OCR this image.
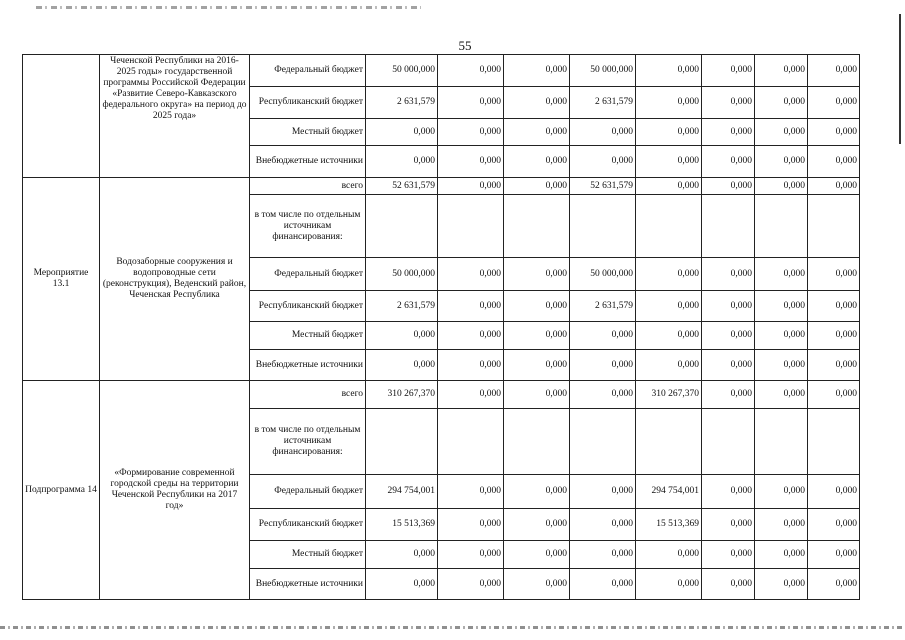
55
	Чеченской Республики на 2016-2025 годы» государственной программы Российской Федерации «Развитие Северо-Кавказского федерального округа» на период до 2025 года»	Федеральный бюджет	50 000,000	0,000	0,000	50 000,000	0,000	0,000	0,000	0,000
		Республиканский бюджет	2 631,579	0,000	0,000	2 631,579	0,000	0,000	0,000	0,000
		Местный бюджет	0,000	0,000	0,000	0,000	0,000	0,000	0,000	0,000
		Внебюджетные источники	0,000	0,000	0,000	0,000	0,000	0,000	0,000	0,000
Мероприятие 13.1	Водозаборные сооружения и водопроводные сети (реконструкция), Веденский район, Чеченская Республика	всего	52 631,579	0,000	0,000	52 631,579	0,000	0,000	0,000	0,000
		в том числе по отдельным источникам финансирования:								
		Федеральный бюджет	50 000,000	0,000	0,000	50 000,000	0,000	0,000	0,000	0,000
		Республиканский бюджет	2 631,579	0,000	0,000	2 631,579	0,000	0,000	0,000	0,000
		Местный бюджет	0,000	0,000	0,000	0,000	0,000	0,000	0,000	0,000
		Внебюджетные источники	0,000	0,000	0,000	0,000	0,000	0,000	0,000	0,000
Подпрограмма 14	«Формирование современной городской среды на территории Чеченской Республики на 2017 год»	всего	310 267,370	0,000	0,000	0,000	310 267,370	0,000	0,000	0,000
		в том числе по отдельным источникам финансирования:								
		Федеральный бюджет	294 754,001	0,000	0,000	0,000	294 754,001	0,000	0,000	0,000
		Республиканский бюджет	15 513,369	0,000	0,000	0,000	15 513,369	0,000	0,000	0,000
		Местный бюджет	0,000	0,000	0,000	0,000	0,000	0,000	0,000	0,000
		Внебюджетные источники	0,000	0,000	0,000	0,000	0,000	0,000	0,000	0,000
